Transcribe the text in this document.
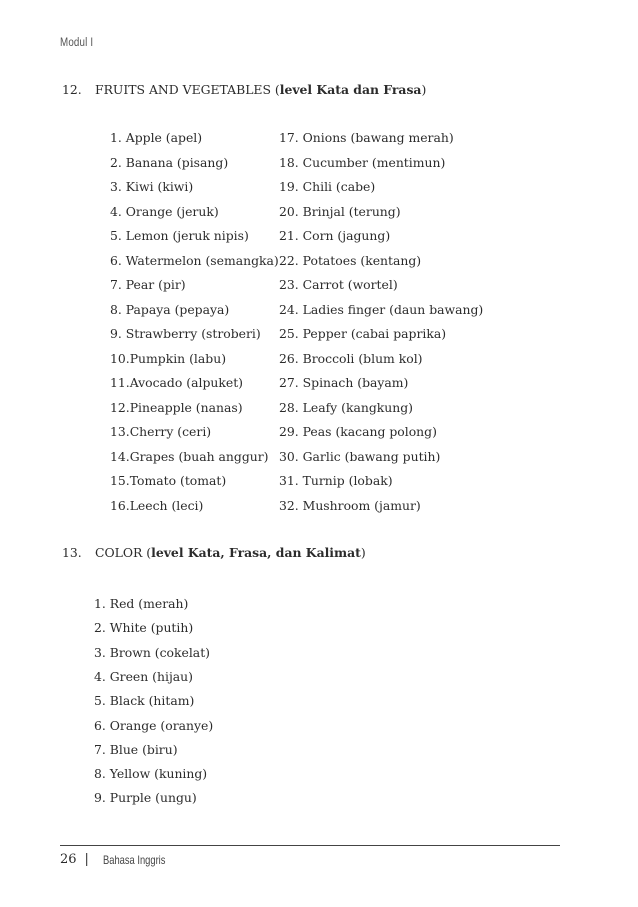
Modul I
12. FRUITS AND VEGETABLES (level Kata dan Frasa)
1. Apple (apel)
2. Banana (pisang)
3. Kiwi (kiwi)
4. Orange (jeruk)
5. Lemon (jeruk nipis)
6. Watermelon (semangka)
7. Pear (pir)
8. Papaya (pepaya)
9. Strawberry (stroberi)
10.Pumpkin (labu)
11.Avocado (alpuket)
12.Pineapple (nanas)
13.Cherry (ceri)
14.Grapes (buah anggur)
15.Tomato (tomat)
16.Leech (leci)
17. Onions (bawang merah)
18. Cucumber (mentimun)
19. Chili (cabe)
20. Brinjal (terung)
21. Corn (jagung)
22. Potatoes (kentang)
23. Carrot (wortel)
24. Ladies finger (daun bawang)
25. Pepper (cabai paprika)
26. Broccoli (blum kol)
27. Spinach (bayam)
28. Leafy (kangkung)
29. Peas (kacang polong)
30. Garlic (bawang putih)
31. Turnip (lobak)
32. Mushroom (jamur)
13. COLOR (level Kata, Frasa, dan Kalimat)
1. Red (merah)
2. White (putih)
3. Brown (cokelat)
4. Green (hijau)
5. Black (hitam)
6. Orange (oranye)
7. Blue (biru)
8. Yellow (kuning)
9. Purple (ungu)
26 | Bahasa Inggris
